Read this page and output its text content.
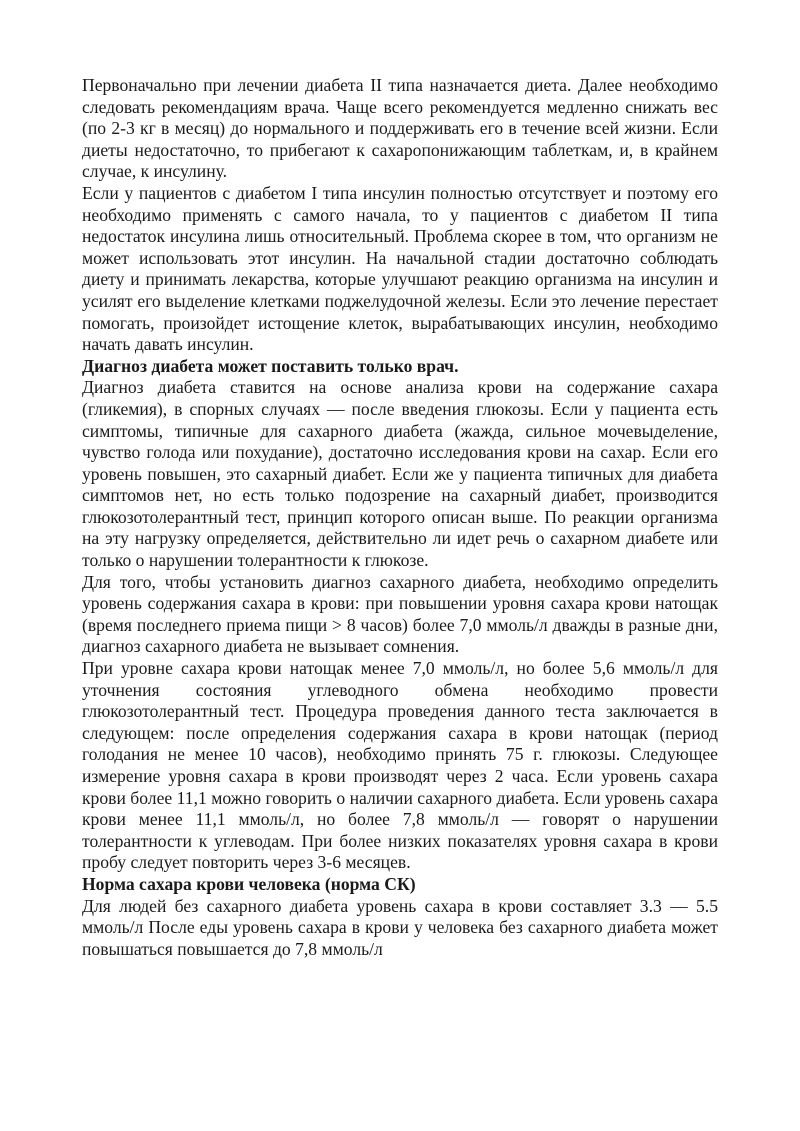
Первоначально при лечении диабета II типа назначается диета. Далее необходимо следовать рекомендациям врача. Чаще всего рекомендуется медленно снижать вес (по 2-3 кг в месяц) до нормального и поддерживать его в течение всей жизни. Если диеты недостаточно, то прибегают к сахаропонижающим таблеткам, и, в крайнем случае, к инсулину.

Если у пациентов с диабетом I типа инсулин полностью отсутствует и поэтому его необходимо применять с самого начала, то у пациентов с диабетом II типа недостаток инсулина лишь относительный. Проблема скорее в том, что организм не может использовать этот инсулин. На начальной стадии достаточно соблюдать диету и принимать лекарства, которые улучшают реакцию организма на инсулин и усилят его выделение клетками поджелудочной железы. Если это лечение перестает помогать, произойдет истощение клеток, вырабатывающих инсулин, необходимо начать давать инсулин.

Диагноз диабета может поставить только врач.

Диагноз диабета ставится на основе анализа крови на содержание сахара (гликемия), в спорных случаях — после введения глюкозы. Если у пациента есть симптомы, типичные для сахарного диабета (жажда, сильное мочевыделение, чувство голода или похудание), достаточно исследования крови на сахар. Если его уровень повышен, это сахарный диабет. Если же у пациента типичных для диабета симптомов нет, но есть только подозрение на сахарный диабет, производится глюкозотолерантный тест, принцип которого описан выше. По реакции организма на эту нагрузку определяется, действительно ли идет речь о сахарном диабете или только о нарушении толерантности к глюкозе.

Для того, чтобы установить диагноз сахарного диабета, необходимо определить уровень содержания сахара в крови: при повышении уровня сахара крови натощак (время последнего приема пищи > 8 часов) более 7,0 ммоль/л дважды в разные дни, диагноз сахарного диабета не вызывает сомнения.

При уровне сахара крови натощак менее 7,0 ммоль/л, но более 5,6 ммоль/л для уточнения состояния углеводного обмена необходимо провести глюкозотолерантный тест. Процедура проведения данного теста заключается в следующем: после определения содержания сахара в крови натощак (период голодания не менее 10 часов), необходимо принять 75 г. глюкозы. Следующее измерение уровня сахара в крови производят через 2 часа. Если уровень сахара крови более 11,1 можно говорить о наличии сахарного диабета. Если уровень сахара крови менее 11,1 ммоль/л, но более 7,8 ммоль/л — говорят о нарушении толерантности к углеводам. При более низких показателях уровня сахара в крови пробу следует повторить через 3-6 месяцев.

Норма сахара крови человека (норма СК)

Для людей без сахарного диабета уровень сахара в крови составляет 3.3 — 5.5 ммоль/л После еды уровень сахара в крови у человека без сахарного диабета может повышаться повышается до 7,8 ммоль/л
